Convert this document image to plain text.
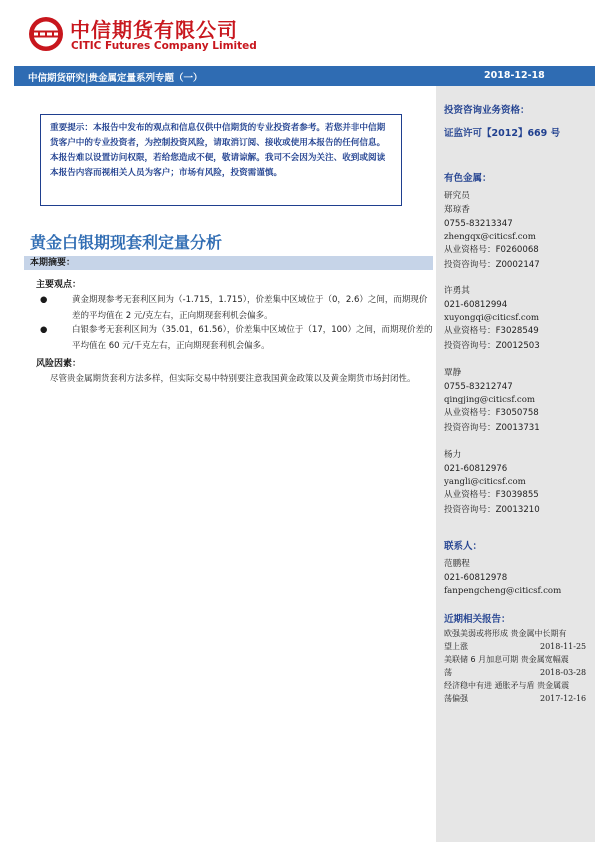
中信期货有限公司
CITIC Futures Company Limited
中信期货研究|贵金属定量系列专题（一）	2018-12-18
重要提示：本报告中发布的观点和信息仅供中信期货的专业投资者参考。若您并非中信期货客户中的专业投资者，为控制投资风险，请取消订阅、接收或使用本报告的任何信息。本报告难以设置访问权限，若给您造成不便，敬请谅解。我司不会因为关注、收到或阅读本报告内容而视相关人员为客户；市场有风险，投资需谨慎。
黄金白银期现套利定量分析
本期摘要：
主要观点：
●	黄金期现参考无套利区间为（-1.715，1.715），价差集中区域位于（0，2.6）之间，而期现价差的平均值在 2 元/克左右，正向期现套利机会偏多。
●	白银参考无套利区间为（35.01，61.56），价差集中区域位于（17，100）之间，而期现价差的平均值在 60 元/千克左右，正向期现套利机会偏多。
风险因素：
尽管贵金属期货套利方法多样，但实际交易中特别要注意我国黄金政策以及黄金期货市场封闭性。
投资咨询业务资格：
证监许可【2012】669 号
有色金属：
研究员
郑琼香
0755-83213347
zhengqx@citicsf.com
从业资格号：F0260068
投资咨询号：Z0002147
许勇其
021-60812994
xuyongqi@citicsf.com
从业资格号：F3028549
投资咨询号：Z0012503
覃静
0755-83212747
qingjing@citicsf.com
从业资格号：F3050758
投资咨询号：Z0013731
杨力
021-60812976
yangli@citicsf.com
从业资格号：F3039855
投资咨询号：Z0013210
联系人：
范鹏程
021-60812978
fanpengcheng@citicsf.com
近期相关报告：
欧强美弱或将形成 贵金属中长期有
望上涨	2018-11-25
美联储 6 月加息可期 贵金属宽幅震
荡	2018-03-28
经济稳中有进 通胀矛与盾 贵金属震
荡偏强	2017-12-16
